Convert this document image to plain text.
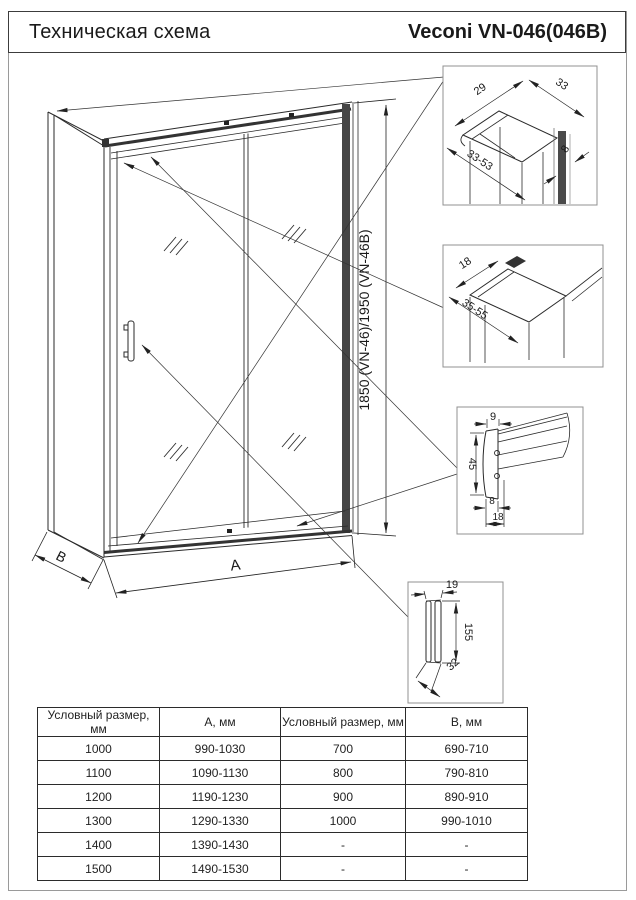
Техническая схема	Veconi VN-046(046B)
1850 (VN-46)/1950 (VN-46B)
А
В
29	33
33-53	8
18
35-55
9
45
8
18
19
155
32
Условный размер, мм	А, мм	Условный размер, мм	В, мм
1000	990-1030	700	690-710
1100	1090-1130	800	790-810
1200	1190-1230	900	890-910
1300	1290-1330	1000	990-1010
1400	1390-1430	-	-
1500	1490-1530	-	-
